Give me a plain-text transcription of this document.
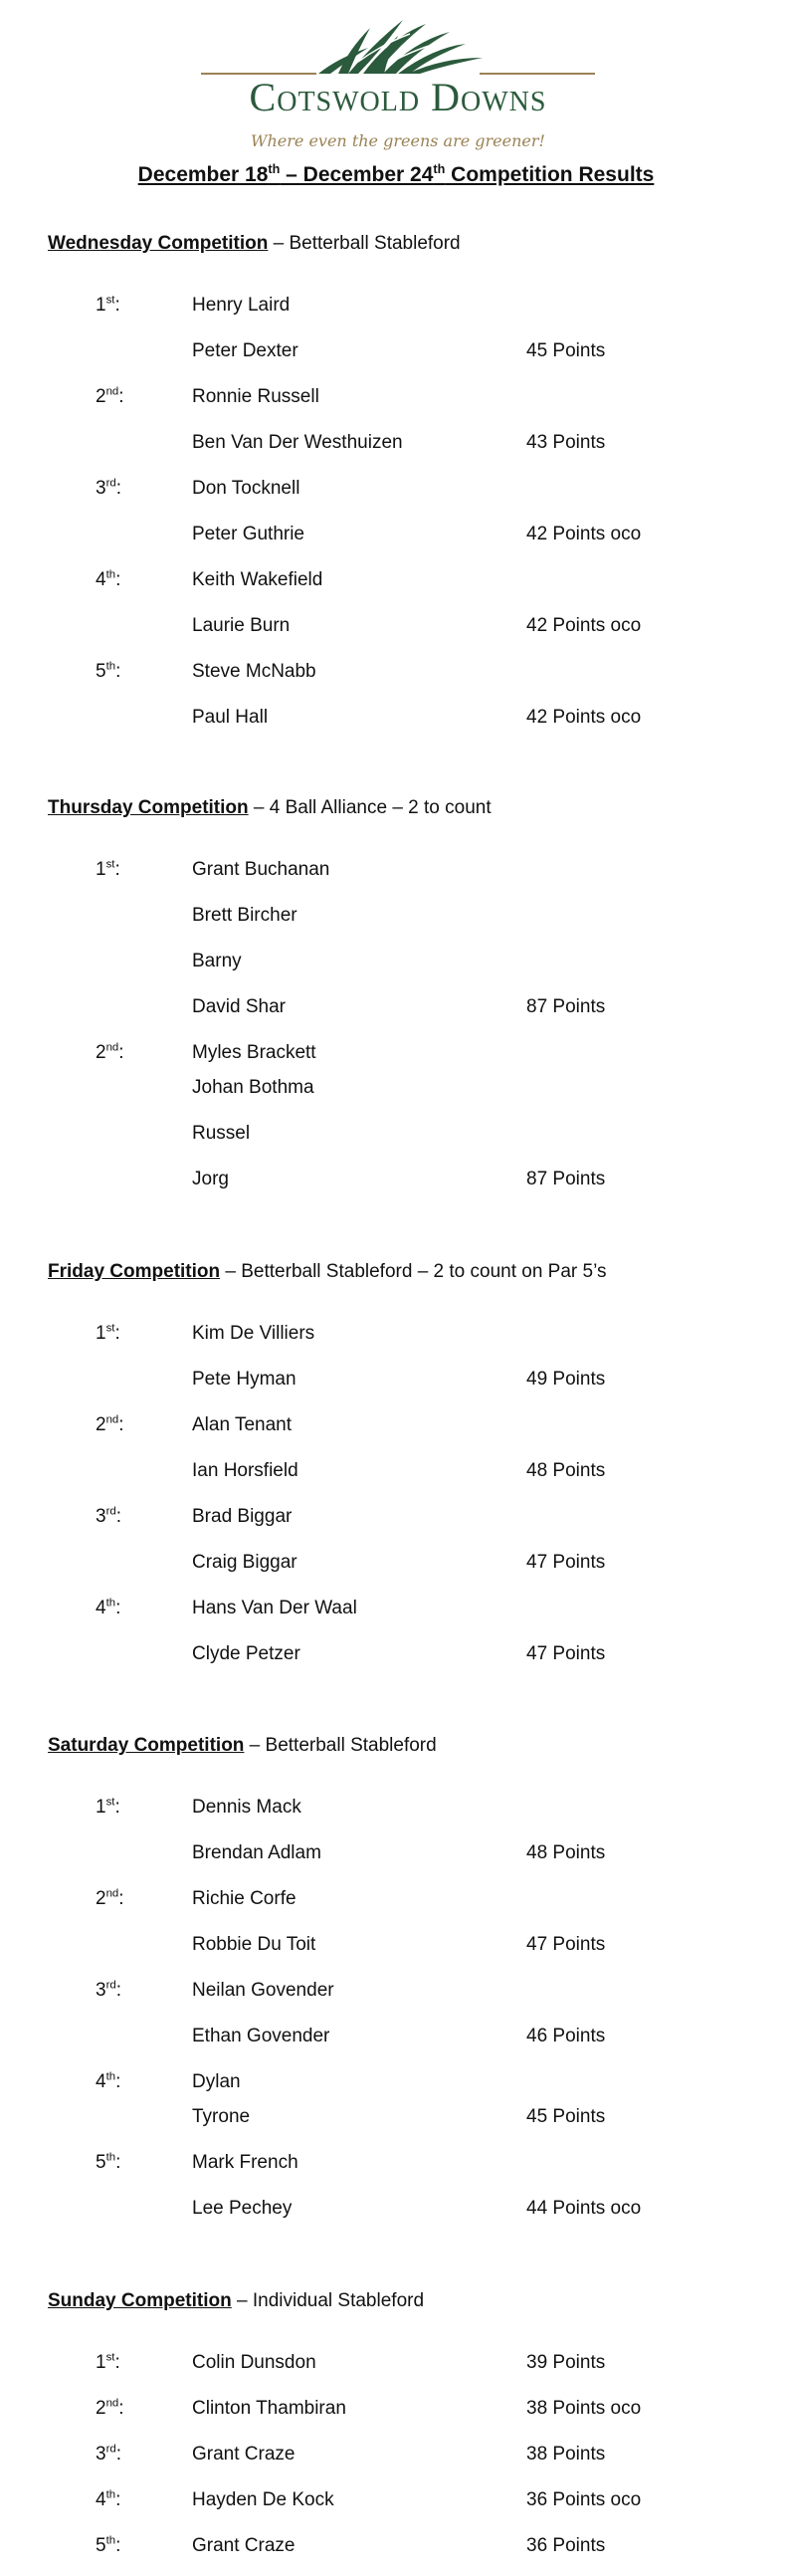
Cotswold Downs
Where even the greens are greener!
December 18th – December 24th Competition Results
Wednesday Competition – Betterball Stableford
1st:	Henry Laird
Peter Dexter	45 Points
2nd:	Ronnie Russell
Ben Van Der Westhuizen	43 Points
3rd:	Don Tocknell
Peter Guthrie	42 Points oco
4th:	Keith Wakefield
Laurie Burn	42 Points oco
5th:	Steve McNabb
Paul Hall	42 Points oco
Thursday Competition – 4 Ball Alliance – 2 to count
1st:	Grant Buchanan
Brett Bircher
Barny
David Shar	87 Points
2nd:	Myles Brackett
Johan Bothma
Russel
Jorg	87 Points
Friday Competition – Betterball Stableford – 2 to count on Par 5’s
1st:	Kim De Villiers
Pete Hyman	49 Points
2nd:	Alan Tenant
Ian Horsfield	48 Points
3rd:	Brad Biggar
Craig Biggar	47 Points
4th:	Hans Van Der Waal
Clyde Petzer	47 Points
Saturday Competition – Betterball Stableford
1st:	Dennis Mack
Brendan Adlam	48 Points
2nd:	Richie Corfe
Robbie Du Toit	47 Points
3rd:	Neilan Govender
Ethan Govender	46 Points
4th:	Dylan
Tyrone	45 Points
5th:	Mark French
Lee Pechey	44 Points oco
Sunday Competition – Individual Stableford
1st:	Colin Dunsdon	39 Points
2nd:	Clinton Thambiran	38 Points oco
3rd:	Grant Craze	38 Points
4th:	Hayden De Kock	36 Points oco
5th:	Grant Craze	36 Points
